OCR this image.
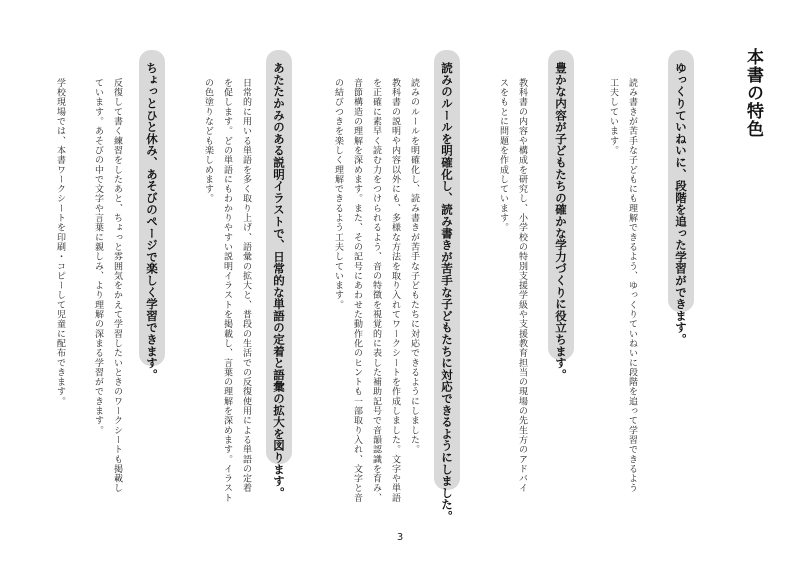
本書の特色
ゆっくりていねいに、段階を追った学習ができます。
読み書きが苦手な子どもにも理解できるよう、ゆっくりていねいに段階を追って学習できるよう
工夫しています。
豊かな内容が子どもたちの確かな学力づくりに役立ちます。
教科書の内容や構成を研究し、小学校の特別支援学級や支援教育担当の現場の先生方のアドバイ
スをもとに問題を作成しています。
読みのルールを明確化し、読み書きが苦手な子どもたちに対応できるようにしました。
読みのルールを明確化し、読み書きが苦手な子どもたちに対応できるようにしました。
教科書の説明や内容以外にも、多様な方法を取り入れてワークシートを作成しました。文字や単語
を正確に素早く読む力をつけられるよう、音の特徴を視覚的に表した補助記号で音韻認識を育み、
音節構造の理解を深めます。また、その記号にあわせた動作化のヒントも一部取り入れ、文字と音
の結びつきを楽しく理解できるよう工夫しています。
あたたかみのある説明イラストで、日常的な単語の定着と語彙の拡大を図ります。
日常的に用いる単語を多く取り上げ、語彙の拡大と、普段の生活での反復使用による単語の定着
を促します。どの単語にもわかりやすい説明イラストを掲載し、言葉の理解を深めます。イラスト
の色塗りなども楽しめます。
ちょっとひと休み、あそびのページで楽しく学習できます。
反復して書く練習をしたあと、ちょっと雰囲気をかえて学習したいときのワークシートも掲載し
ています。あそびの中で文字や言葉に親しみ、より理解の深まる学習ができます。
学校現場では、本書ワークシートを印刷・コピーして児童に配布できます。
3
